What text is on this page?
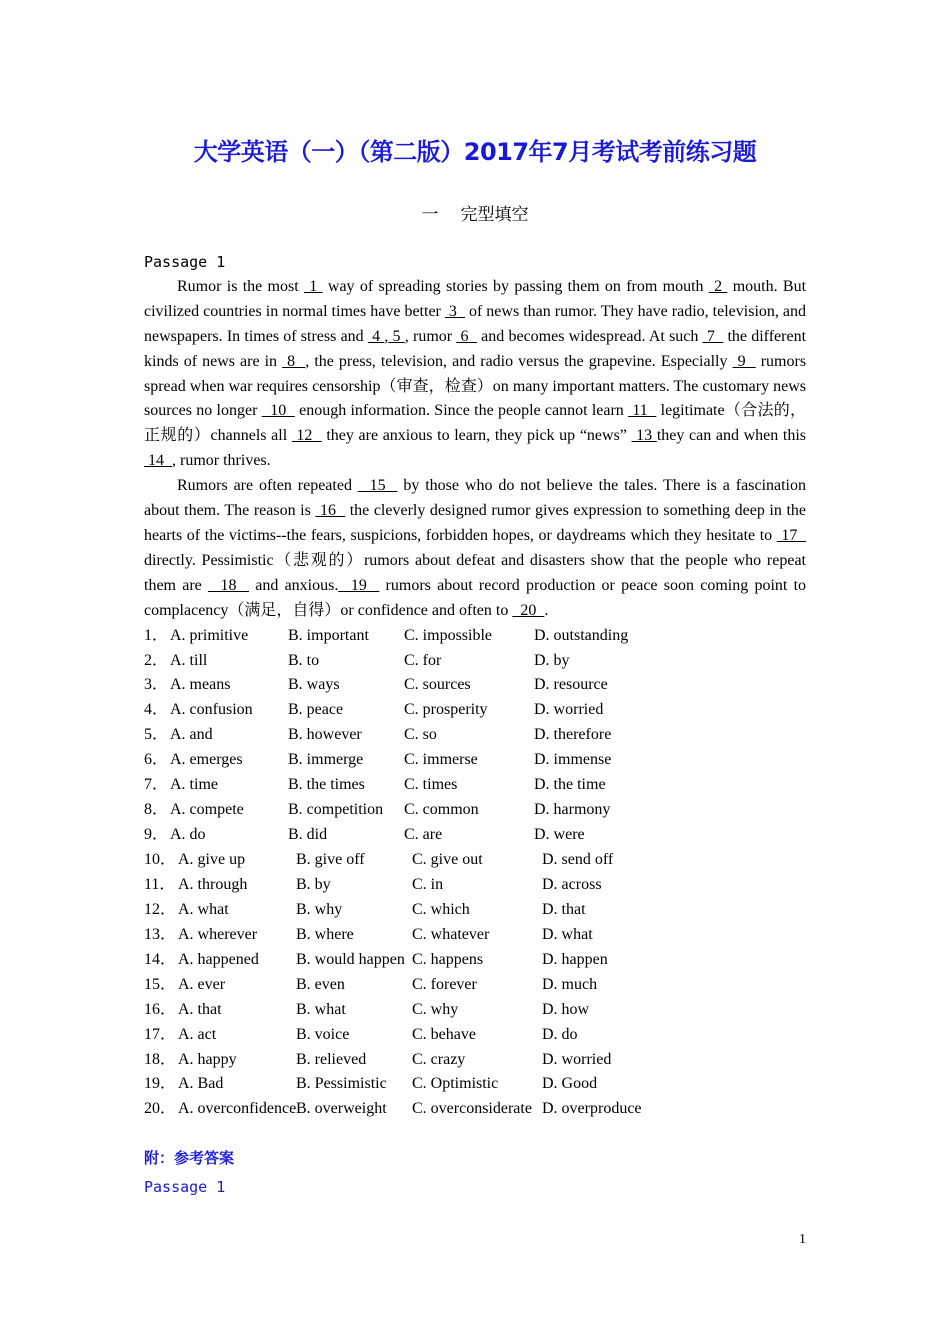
大学英语（一）（第二版）2017年7月考试考前练习题
一 完型填空
Passage 1

Rumor is the most  1  way of spreading stories by passing them on from mouth  2  mouth. But civilized countries in normal times have better  3   of news than rumor. They have radio, television, and newspapers. In times of stress and  4 , 5 , rumor  6   and becomes widespread. At such  7   the different kinds of news are in  8  , the press, television, and radio versus the grapevine. Especially  9   rumors spread when war requires censorship（审查，检查）on many important matters. The customary news sources no longer   10   enough information. Since the people cannot learn  11   legitimate（合法的，正规的）channels all  12   they are anxious to learn, they pick up “news”  13 they can and when this  14  , rumor thrives.

Rumors are often repeated   15   by those who do not believe the tales. There is a fascination about them. The reason is  16   the cleverly designed rumor gives expression to something deep in the hearts of the victims--the fears, suspicions, forbidden hopes, or daydreams which they hesitate to  17   directly. Pessimistic（悲观的）rumors about defeat and disasters show that the people who repeat them are   18   and anxious.  19   rumors about record production or peace soon coming point to complacency（满足，自得）or confidence and often to   20  .

1． A. primitive B. important C. impossible	D. outstanding
2． A. till	B. to	C. for	D. by
3． A. means	B. ways	C. sources	D. resource
4． A. confusion B. peace	C. prosperity	D. worried
5． A. and	B. however	C. so	D. therefore
6． A. emerges	B. immerge	C. immerse	D. immense
7． A. time	B. the times C. times	D. the time
8． A. compete	B. competition C. common	D. harmony
9． A. do	B. did	C. are	D. were
10． A. give up	B. give off	C. give out	D. send off
11． A. through	B. by	C. in	D. across
12． A. what	B. why	C. which	D. that
13． A. wherever B. where	C. whatever	D. what
14． A. happened B. would happen C. happens	D. happen
15． A. ever	B. even	C. forever	D. much
16． A. that	B. what	C. why	D. how
17． A. act	B. voice	C. behave	D. do
18． A. happy	B. relieved	C. crazy	D. worried
19． A. Bad	B. Pessimistic C. Optimistic	D. Good
20． A. overconfidenceB. overweight C. overconsiderate D. overproduce
附：参考答案
Passage 1
1
